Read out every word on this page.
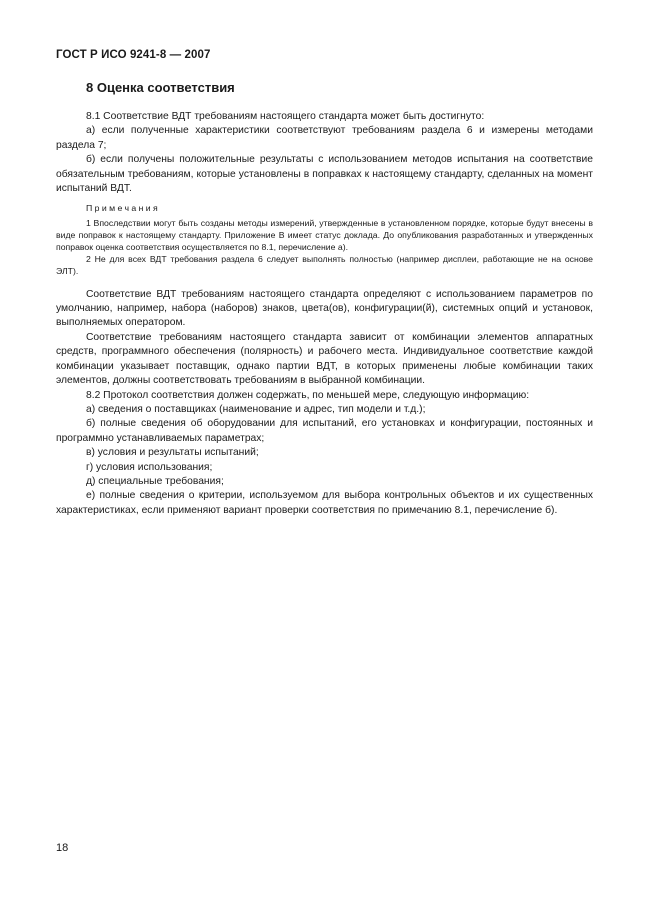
ГОСТ Р ИСО 9241-8 — 2007
8 Оценка соответствия

8.1 Соответствие ВДТ требованиям настоящего стандарта может быть достигнуто:

а) если полученные характеристики соответствуют требованиям раздела 6 и измерены методами раздела 7;

б) если получены положительные результаты с использованием методов испытания на соответствие обязательным требованиям, которые установлены в поправках к настоящему стандарту, сделанных на момент испытаний ВДТ.

Примечания

1 Впоследствии могут быть созданы методы измерений, утвержденные в установленном порядке, которые будут внесены в виде поправок к настоящему стандарту. Приложение В имеет статус доклада. До опубликования разработанных и утвержденных поправок оценка соответствия осуществляется по 8.1, перечисление а).

2 Не для всех ВДТ требования раздела 6 следует выполнять полностью (например дисплеи, работающие не на основе ЭЛТ).

Соответствие ВДТ требованиям настоящего стандарта определяют с использованием параметров по умолчанию, например, набора (наборов) знаков, цвета(ов), конфигурации(й), системных опций и установок, выполняемых оператором.

Соответствие требованиям настоящего стандарта зависит от комбинации элементов аппаратных средств, программного обеспечения (полярность) и рабочего места. Индивидуальное соответствие каждой комбинации указывает поставщик, однако партии ВДТ, в которых применены любые комбинации таких элементов, должны соответствовать требованиям в выбранной комбинации.

8.2 Протокол соответствия должен содержать, по меньшей мере, следующую информацию:

а) сведения о поставщиках (наименование и адрес, тип модели и т.д.);

б) полные сведения об оборудовании для испытаний, его установках и конфигурации, постоянных и программно устанавливаемых параметрах;

в) условия и результаты испытаний;

г) условия использования;

д) специальные требования;

е) полные сведения о критерии, используемом для выбора контрольных объектов и их существенных характеристиках, если применяют вариант проверки соответствия по примечанию 8.1, перечисление б).

18
